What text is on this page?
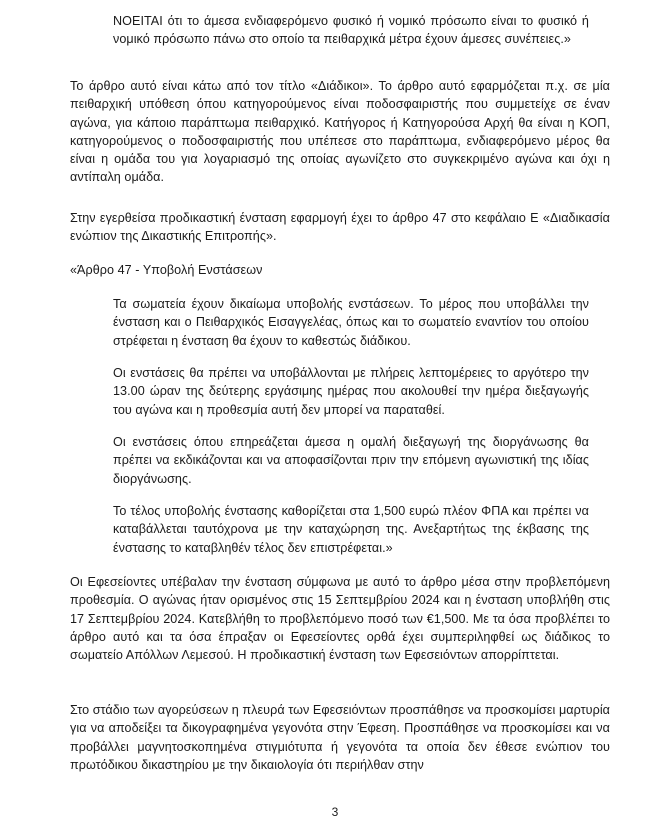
ΝΟΕΙΤΑΙ ότι το άμεσα ενδιαφερόμενο φυσικό ή νομικό πρόσωπο είναι το φυσικό ή νομικό πρόσωπο πάνω στο οποίο τα πειθαρχικά μέτρα έχουν άμεσες συνέπειες.»

Το άρθρο αυτό είναι κάτω από τον τίτλο «Διάδικοι». Το άρθρο αυτό εφαρμόζεται π.χ. σε μία πειθαρχική υπόθεση όπου κατηγορούμενος είναι ποδοσφαιριστής που συμμετείχε σε έναν αγώνα, για κάποιο παράπτωμα πειθαρχικό. Κατήγορος ή Κατηγορούσα Αρχή θα είναι η ΚΟΠ, κατηγορούμενος ο ποδοσφαιριστής που υπέπεσε στο παράπτωμα, ενδιαφερόμενο μέρος θα είναι η ομάδα του για λογαριασμό της οποίας αγωνίζετο στο συγκεκριμένο αγώνα και όχι η αντίπαλη ομάδα.

Στην εγερθείσα προδικαστική ένσταση εφαρμογή έχει το άρθρο 47 στο κεφάλαιο Ε «Διαδικασία ενώπιον της Δικαστικής Επιτροπής».

«Άρθρο 47 - Υποβολή Ενστάσεων

Τα σωματεία έχουν δικαίωμα υποβολής ενστάσεων. Το μέρος που υποβάλλει την ένσταση και ο Πειθαρχικός Εισαγγελέας, όπως και το σωματείο εναντίον του οποίου στρέφεται η ένσταση θα έχουν το καθεστώς διάδικου.

Οι ενστάσεις θα πρέπει να υποβάλλονται με πλήρεις λεπτομέρειες το αργότερο την 13.00 ώραν της δεύτερης εργάσιμης ημέρας που ακολουθεί την ημέρα διεξαγωγής του αγώνα και η προθεσμία αυτή δεν μπορεί να παραταθεί.

Οι ενστάσεις όπου επηρεάζεται άμεσα η ομαλή διεξαγωγή της διοργάνωσης θα πρέπει να εκδικάζονται και να αποφασίζονται πριν την επόμενη αγωνιστική της ιδίας διοργάνωσης.

Το τέλος υποβολής ένστασης καθορίζεται στα 1,500 ευρώ πλέον ΦΠΑ και πρέπει να καταβάλλεται ταυτόχρονα με την καταχώρηση της. Ανεξαρτήτως της έκβασης της ένστασης το καταβληθέν τέλος δεν επιστρέφεται.»

Οι Εφεσείοντες υπέβαλαν την ένσταση σύμφωνα με αυτό το άρθρο μέσα στην προβλεπόμενη προθεσμία. Ο αγώνας ήταν ορισμένος στις 15 Σεπτεμβρίου 2024 και η ένσταση υποβλήθη στις 17 Σεπτεμβρίου 2024. Κατεβλήθη το προβλεπόμενο ποσό των €1,500. Με τα όσα προβλέπει το άρθρο αυτό και τα όσα έπραξαν οι Εφεσείοντες ορθά έχει συμπεριληφθεί ως διάδικος το σωματείο Απόλλων Λεμεσού. Η προδικαστική ένσταση των Εφεσειόντων απορρίπτεται.

Στο στάδιο των αγορεύσεων η πλευρά των Εφεσειόντων προσπάθησε να προσκομίσει μαρτυρία για να αποδείξει τα δικογραφημένα γεγονότα στην Έφεση. Προσπάθησε να προσκομίσει και να προβάλλει μαγνητοσκοπημένα στιγμιότυπα ή γεγονότα τα οποία δεν έθεσε ενώπιον του πρωτόδικου δικαστηρίου με την δικαιολογία ότι περιήλθαν στην

3
